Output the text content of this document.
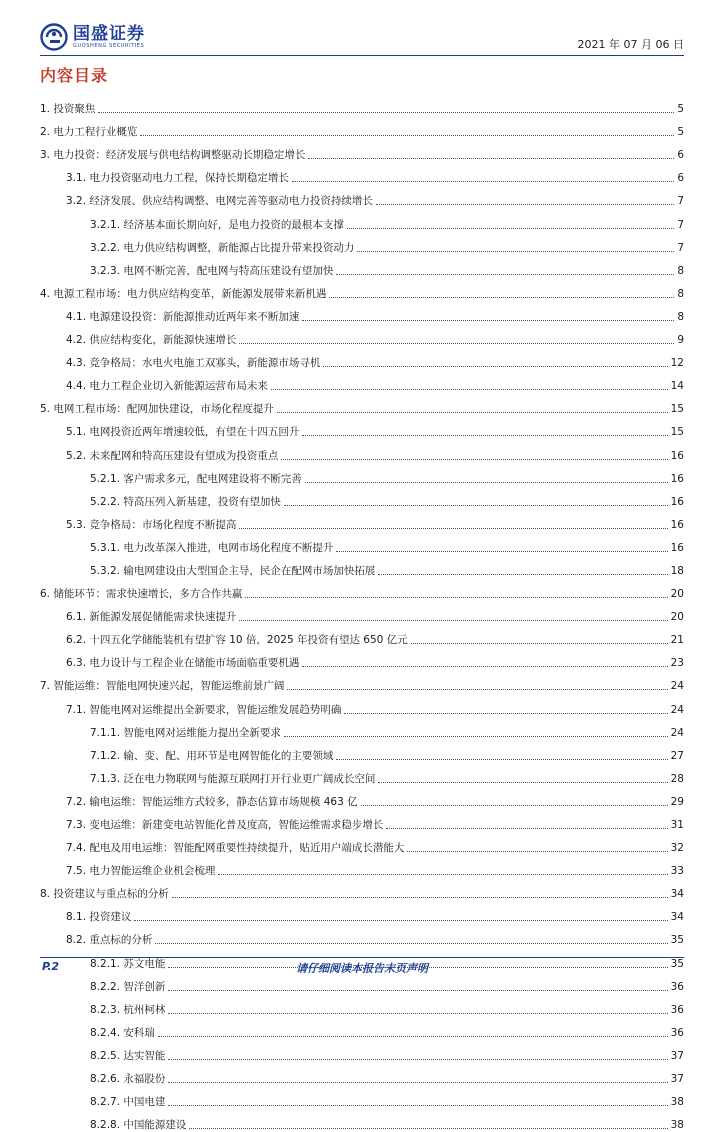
国盛证券
GUOSHENG SECURITIES	2021 年 07 月 06 日
内容目录
1. 投资聚焦	5
2. 电力工程行业概览	5
3. 电力投资：经济发展与供电结构调整驱动长期稳定增长	6
3.1. 电力投资驱动电力工程，保持长期稳定增长	6
3.2. 经济发展、供应结构调整、电网完善等驱动电力投资持续增长	7
3.2.1. 经济基本面长期向好，是电力投资的最根本支撑	7
3.2.2. 电力供应结构调整，新能源占比提升带来投资动力	7
3.2.3. 电网不断完善，配电网与特高压建设有望加快	8
4. 电源工程市场：电力供应结构变革，新能源发展带来新机遇	8
4.1. 电源建设投资：新能源推动近两年来不断加速	8
4.2. 供应结构变化，新能源快速增长	9
4.3. 竞争格局：水电火电施工双寡头，新能源市场寻机	12
4.4. 电力工程企业切入新能源运营布局未来	14
5. 电网工程市场：配网加快建设，市场化程度提升	15
5.1. 电网投资近两年增速较低，有望在十四五回升	15
5.2. 未来配网和特高压建设有望成为投资重点	16
5.2.1. 客户需求多元，配电网建设将不断完善	16
5.2.2. 特高压列入新基建，投资有望加快	16
5.3. 竞争格局：市场化程度不断提高	16
5.3.1. 电力改革深入推进，电网市场化程度不断提升	16
5.3.2. 输电网建设由大型国企主导，民企在配网市场加快拓展	18
6. 储能环节：需求快速增长，多方合作共赢	20
6.1. 新能源发展促储能需求快速提升	20
6.2. 十四五化学储能装机有望扩容 10 倍，2025 年投资有望达 650 亿元	21
6.3. 电力设计与工程企业在储能市场面临重要机遇	23
7. 智能运维：智能电网快速兴起，智能运维前景广阔	24
7.1. 智能电网对运维提出全新要求，智能运维发展趋势明确	24
7.1.1. 智能电网对运维能力提出全新要求	24
7.1.2. 输、变、配、用环节是电网智能化的主要领域	27
7.1.3. 泛在电力物联网与能源互联网打开行业更广阔成长空间	28
7.2. 输电运维：智能运维方式较多，静态估算市场规模 463 亿	29
7.3. 变电运维：新建变电站智能化普及度高，智能运维需求稳步增长	31
7.4. 配电及用电运维：智能配网重要性持续提升，贴近用户端成长潜能大	32
7.5. 电力智能运维企业机会梳理	33
8. 投资建议与重点标的分析	34
8.1. 投资建议	34
8.2. 重点标的分析	35
8.2.1. 苏文电能	35
8.2.2. 智洋创新	36
8.2.3. 杭州柯林	36
8.2.4. 安科瑞	36
8.2.5. 达实智能	37
8.2.6. 永福股份	37
8.2.7. 中国电建	38
8.2.8. 中国能源建设	38
P.2	请仔细阅读本报告末页声明
